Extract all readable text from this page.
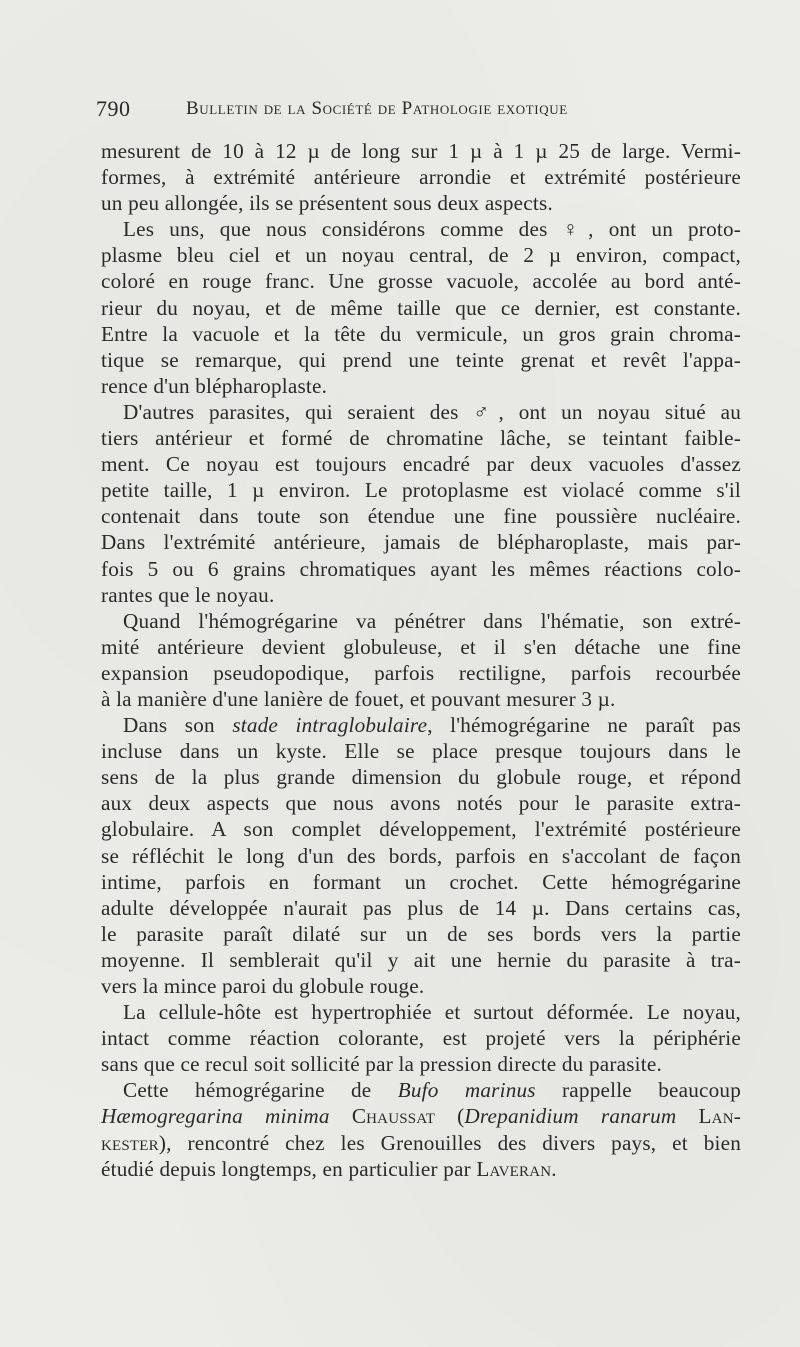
790	Bulletin de la Société de Pathologie exotique
mesurent de 10 à 12 µ de long sur 1 µ à 1 µ 25 de large. Vermi-
formes, à extrémité antérieure arrondie et extrémité postérieure
un peu allongée, ils se présentent sous deux aspects.
Les uns, que nous considérons comme des ♀, ont un proto-
plasme bleu ciel et un noyau central, de 2 µ environ, compact,
coloré en rouge franc. Une grosse vacuole, accolée au bord anté-
rieur du noyau, et de même taille que ce dernier, est constante.
Entre la vacuole et la tête du vermicule, un gros grain chroma-
tique se remarque, qui prend une teinte grenat et revêt l'appa-
rence d'un blépharoplaste.
D'autres parasites, qui seraient des ♂, ont un noyau situé au
tiers antérieur et formé de chromatine lâche, se teintant faible-
ment. Ce noyau est toujours encadré par deux vacuoles d'assez
petite taille, 1 µ environ. Le protoplasme est violacé comme s'il
contenait dans toute son étendue une fine poussière nucléaire.
Dans l'extrémité antérieure, jamais de blépharoplaste, mais par-
fois 5 ou 6 grains chromatiques ayant les mêmes réactions colo-
rantes que le noyau.
Quand l'hémogrégarine va pénétrer dans l'hématie, son extré-
mité antérieure devient globuleuse, et il s'en détache une fine
expansion pseudopodique, parfois rectiligne, parfois recourbée
à la manière d'une lanière de fouet, et pouvant mesurer 3 µ.
Dans son stade intraglobulaire, l'hémogrégarine ne paraît pas
incluse dans un kyste. Elle se place presque toujours dans le
sens de la plus grande dimension du globule rouge, et répond
aux deux aspects que nous avons notés pour le parasite extra-
globulaire. A son complet développement, l'extrémité postérieure
se réfléchit le long d'un des bords, parfois en s'accolant de façon
intime, parfois en formant un crochet. Cette hémogrégarine
adulte développée n'aurait pas plus de 14 µ. Dans certains cas,
le parasite paraît dilaté sur un de ses bords vers la partie
moyenne. Il semblerait qu'il y ait une hernie du parasite à tra-
vers la mince paroi du globule rouge.
La cellule-hôte est hypertrophiée et surtout déformée. Le noyau,
intact comme réaction colorante, est projeté vers la périphérie
sans que ce recul soit sollicité par la pression directe du parasite.
Cette hémogrégarine de Bufo marinus rappelle beaucoup
Hæmogregarina minima Chaussat (Drepanidium ranarum Lan-
kester), rencontré chez les Grenouilles des divers pays, et bien
étudié depuis longtemps, en particulier par Laveran.
